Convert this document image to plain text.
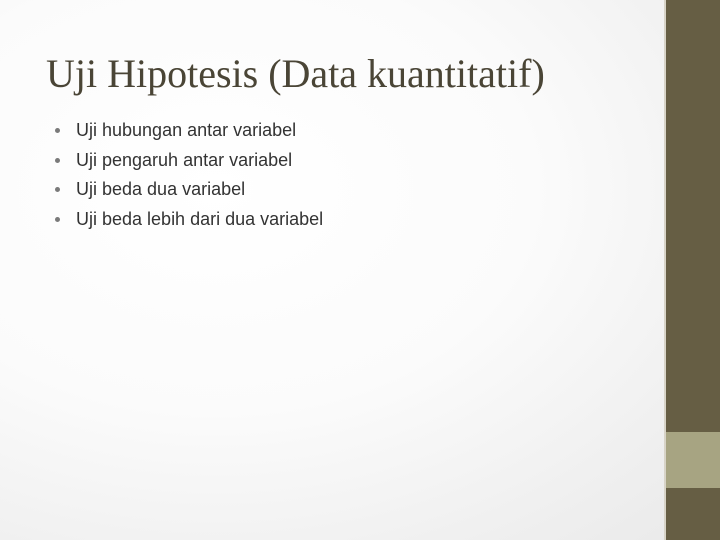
Uji Hipotesis (Data kuantitatif)
Uji hubungan antar variabel
Uji pengaruh antar variabel
Uji beda dua variabel
Uji beda lebih dari dua variabel
